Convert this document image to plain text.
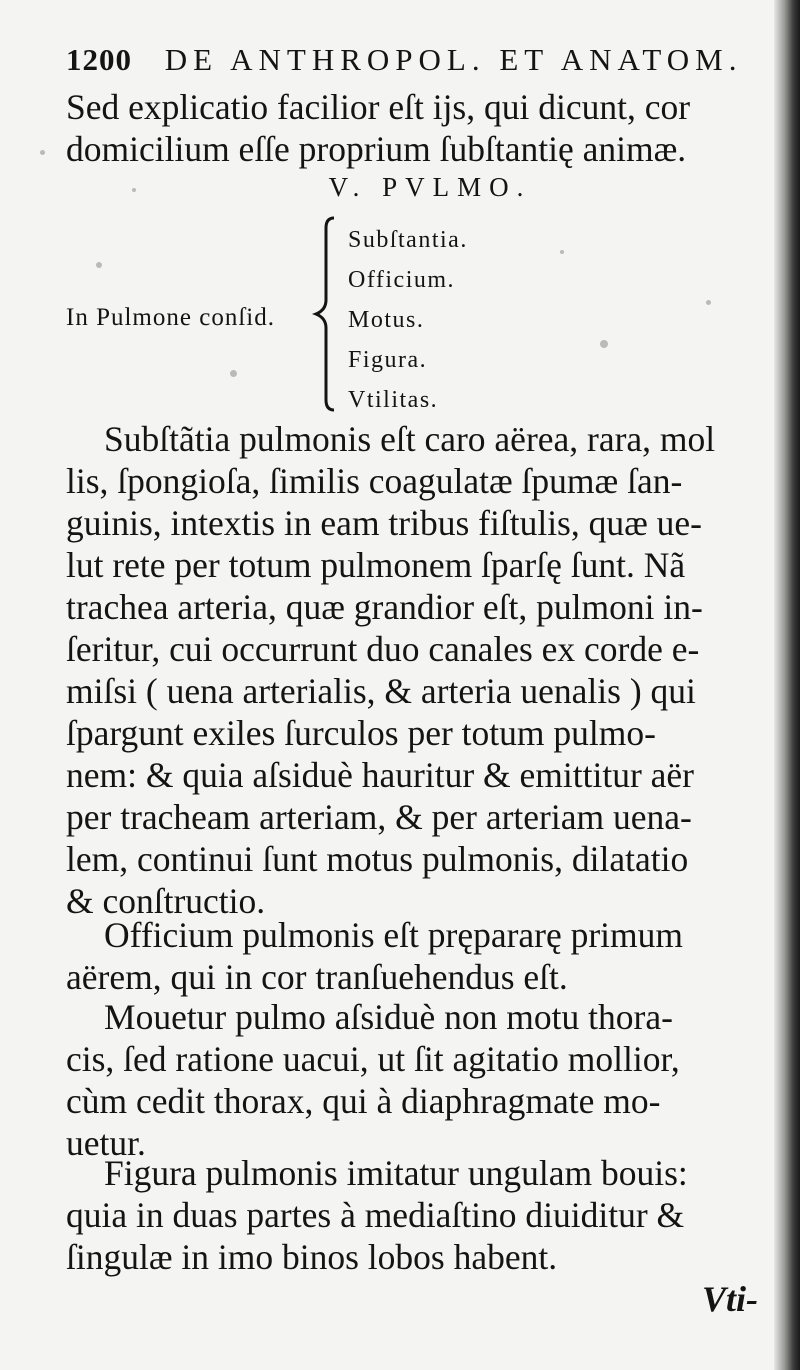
1200 DE ANTHROPOL. ET ANATOM.
Sed explicatio facilior eſt iјs, qui dicunt, cor
domicilium eſſe proprium ſubſtantię animæ.
V. PVLMO.
In Pulmone conſid.
Subſtantia.
Officium.
Motus.
Figura.
Vtilitas.
Subſtãtia pulmonis eſt caro aërea, rara, mol
lis, ſpongioſa, ſimilis coagulatæ ſpumæ ſan-
guinis, intextis in eam tribus fiſtulis, quæ ue-
lut rete per totum pulmonem ſparſę ſunt. Nã
trachea arteria, quæ grandior eſt, pulmoni in-
ſeritur, cui occurrunt duo canales ex corde e-
miſsi ( uena arterialis, & arteria uenalis ) qui
ſpargunt exiles ſurculos per totum pulmo-
nem: & quia aſsiduè hauritur & emittitur aër
per tracheam arteriam, & per arteriam uena-
lem, continui ſunt motus pulmonis, dilatatio
& conſtructio.
Officium pulmonis eſt prępararę primum
aërem, qui in cor tranſuehendus eſt.
Mouetur pulmo aſsiduè non motu thora-
cis, ſed ratione uacui, ut ſit agitatio mollior,
cùm cedit thorax, qui à diaphragmate mo-
uetur.
Figura pulmonis imitatur ungulam bouis:
quia in duas partes à mediaſtino diuiditur &
ſingulæ in imo binos lobos habent.
Vti-
